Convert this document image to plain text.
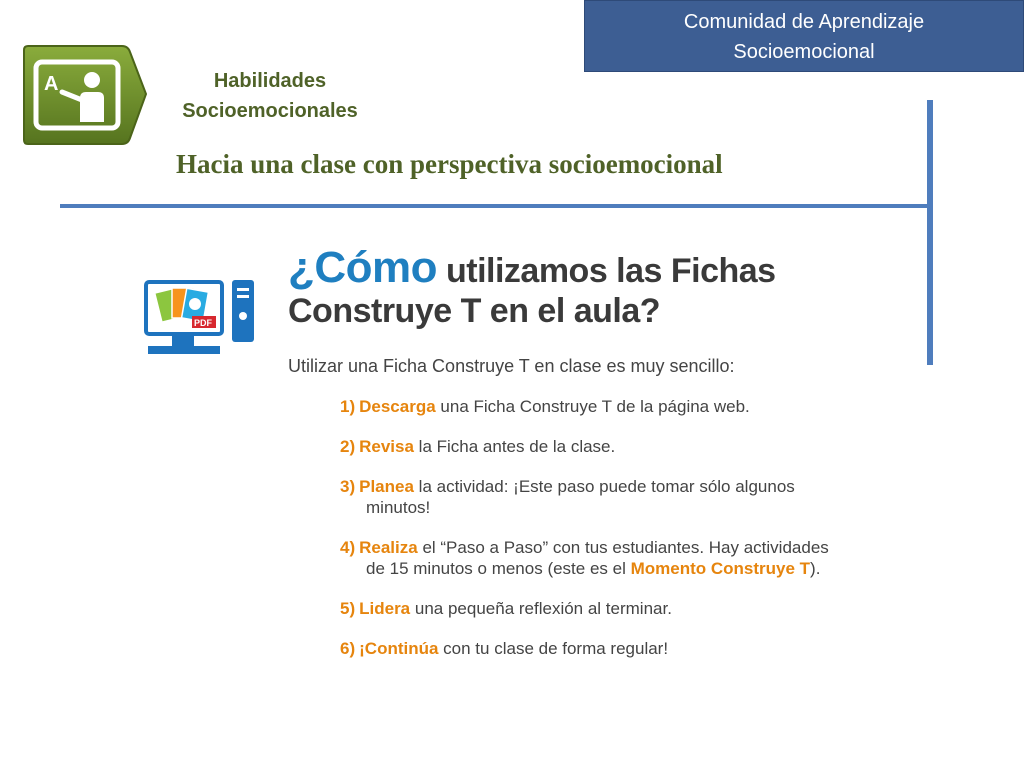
Comunidad de Aprendizaje
Socioemocional
A	Habilidades
Socioemocionales
Hacia una clase con perspectiva socioemocional
PDF
¿Cómo utilizamos las Fichas
Construye T en el aula?
Utilizar una Ficha Construye T en clase es muy sencillo:
1) Descarga una Ficha Construye T de la página web.
2) Revisa la Ficha antes de la clase.
3) Planea la actividad: ¡Este paso puede tomar sólo algunos
minutos!
4) Realiza el “Paso a Paso” con tus estudiantes. Hay actividades
de 15 minutos o menos (este es el Momento Construye T).
5) Lidera una pequeña reflexión al terminar.
6) ¡Continúa con tu clase de forma regular!
